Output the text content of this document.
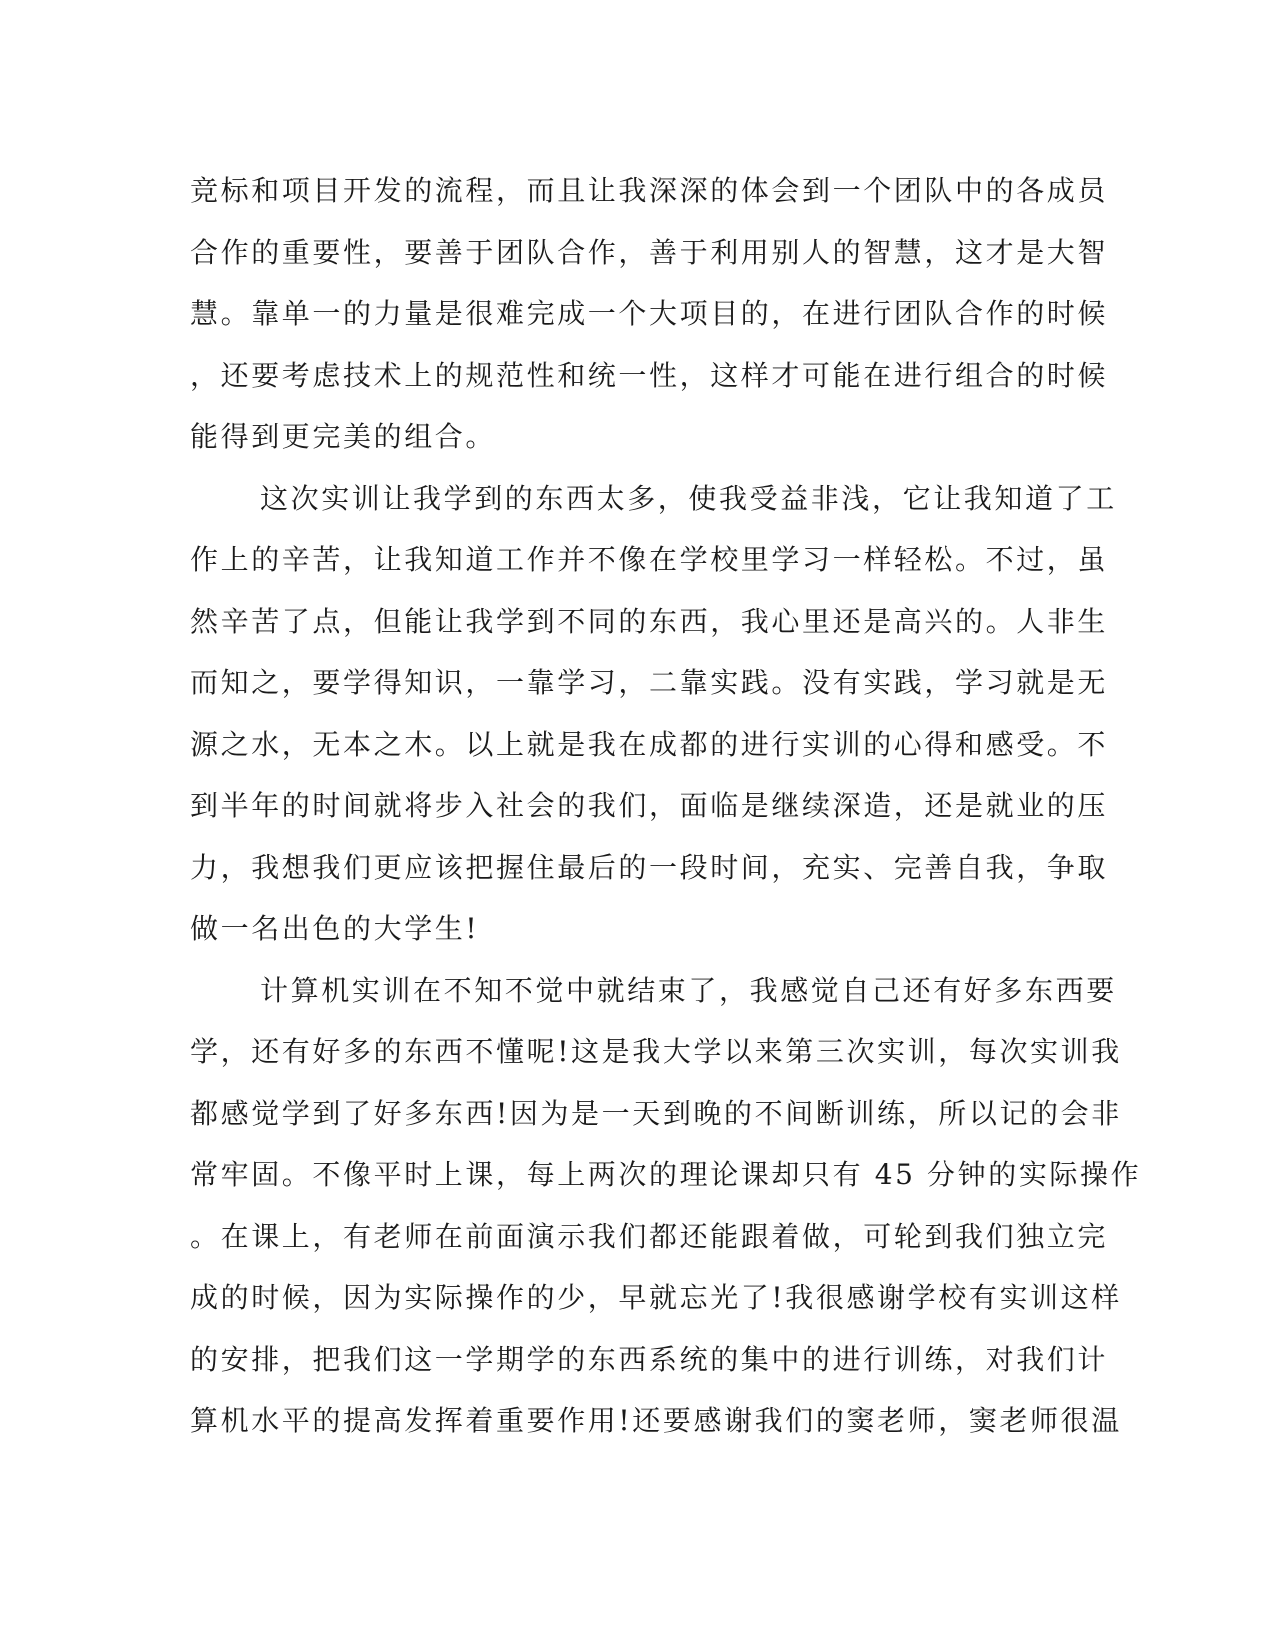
竞标和项目开发的流程，而且让我深深的体会到一个团队中的各成员
合作的重要性，要善于团队合作，善于利用别人的智慧，这才是大智
慧。靠单一的力量是很难完成一个大项目的，在进行团队合作的时候
，还要考虑技术上的规范性和统一性，这样才可能在进行组合的时候
能得到更完美的组合。
这次实训让我学到的东西太多，使我受益非浅，它让我知道了工
作上的辛苦，让我知道工作并不像在学校里学习一样轻松。不过，虽
然辛苦了点，但能让我学到不同的东西，我心里还是高兴的。人非生
而知之，要学得知识，一靠学习，二靠实践。没有实践，学习就是无
源之水，无本之木。以上就是我在成都的进行实训的心得和感受。不
到半年的时间就将步入社会的我们，面临是继续深造，还是就业的压
力，我想我们更应该把握住最后的一段时间，充实、完善自我，争取
做一名出色的大学生!
计算机实训在不知不觉中就结束了，我感觉自己还有好多东西要
学，还有好多的东西不懂呢!这是我大学以来第三次实训，每次实训我
都感觉学到了好多东西!因为是一天到晚的不间断训练，所以记的会非
常牢固。不像平时上课，每上两次的理论课却只有 45 分钟的实际操作
。在课上，有老师在前面演示我们都还能跟着做，可轮到我们独立完
成的时候，因为实际操作的少，早就忘光了!我很感谢学校有实训这样
的安排，把我们这一学期学的东西系统的集中的进行训练，对我们计
算机水平的提高发挥着重要作用!还要感谢我们的窦老师，窦老师很温
